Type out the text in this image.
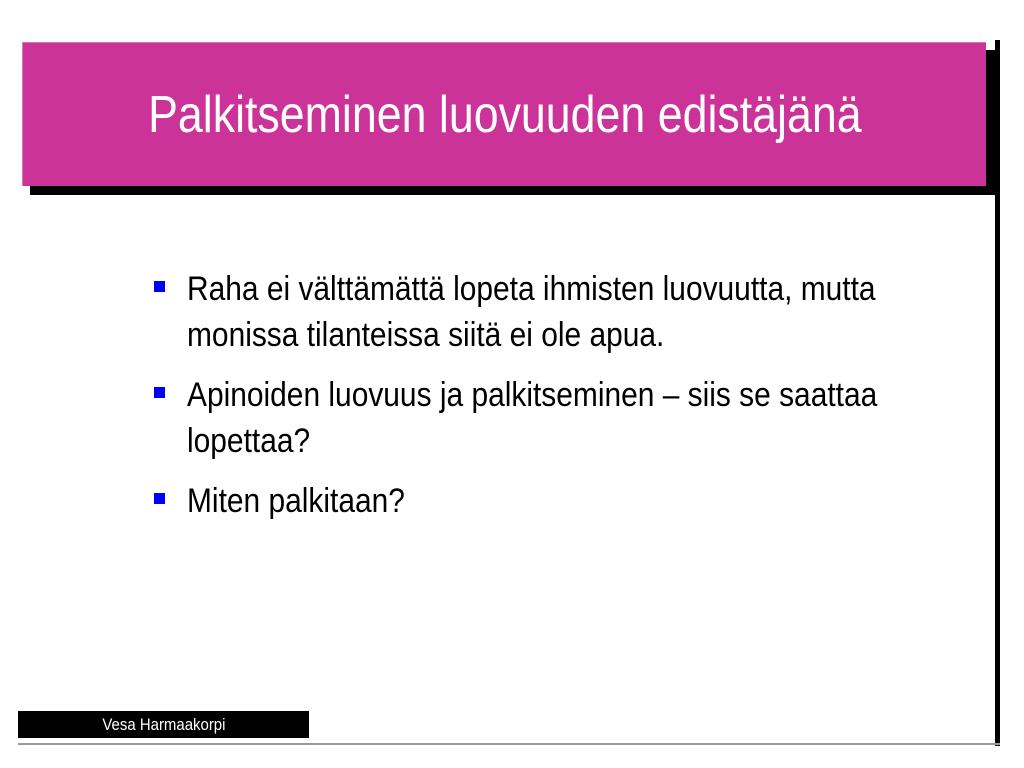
Palkitseminen luovuuden edistäjänä
Raha ei välttämättä lopeta ihmisten luovuutta, mutta monissa tilanteissa siitä ei ole apua.
Apinoiden luovuus ja palkitseminen – siis se saattaa lopettaa?
Miten palkitaan?
Vesa Harmaakorpi
